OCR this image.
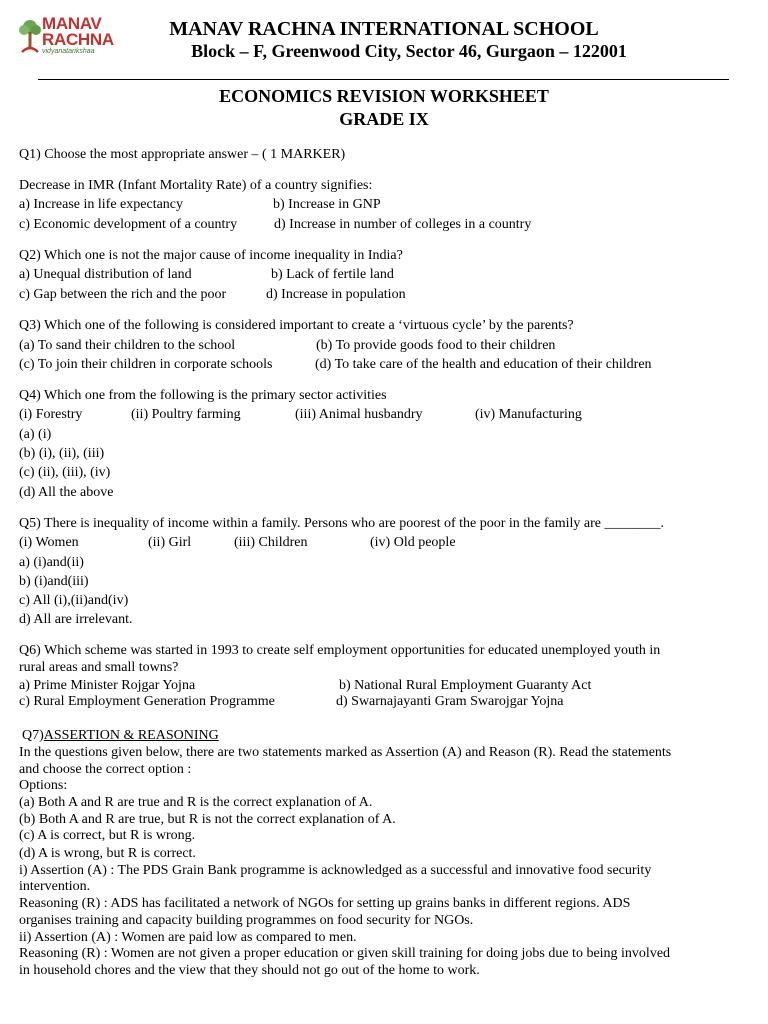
MANAV
RACHNA
vidyanatarikshaa
MANAV RACHNA INTERNATIONAL SCHOOL
Block – F, Greenwood City, Sector 46, Gurgaon – 122001
ECONOMICS REVISION WORKSHEET
GRADE IX
Q1) Choose the most appropriate answer – ( 1 MARKER)
Decrease in IMR (Infant Mortality Rate) of a country signifies:
a) Increase in life expectancy	b) Increase in GNP
c) Economic development of a country	d) Increase in number of colleges in a country
Q2) Which one is not the major cause of income inequality in India?
a) Unequal distribution of land	b) Lack of fertile land
c) Gap between the rich and the poor	d) Increase in population
Q3) Which one of the following is considered important to create a ‘virtuous cycle’ by the parents?
(a) To sand their children to the school	(b) To provide goods food to their children
(c) To join their children in corporate schools	(d) To take care of the health and education of their children
Q4) Which one from the following is the primary sector activities
(i) Forestry	(ii) Poultry farming	(iii) Animal husbandry	(iv) Manufacturing
(a) (i)
(b) (i), (ii), (iii)
(c) (ii), (iii), (iv)
(d) All the above
Q5) There is inequality of income within a family. Persons who are poorest of the poor in the family are ________.
(i) Women	(ii) Girl	(iii) Children	(iv) Old people
a) (i)and(ii)
b) (i)and(iii)
c) All (i),(ii)and(iv)
d) All are irrelevant.
Q6) Which scheme was started in 1993 to create self employment opportunities for educated unemployed youth in
rural areas and small towns?
a) Prime Minister Rojgar Yojna	b) National Rural Employment Guaranty Act
c) Rural Employment Generation Programme	d) Swarnajayanti Gram Swarojgar Yojna
Q7)ASSERTION & REASONING
In the questions given below, there are two statements marked as Assertion (A) and Reason (R). Read the statements
and choose the correct option :
Options:
(a) Both A and R are true and R is the correct explanation of A.
(b) Both A and R are true, but R is not the correct explanation of A.
(c) A is correct, but R is wrong.
(d) A is wrong, but R is correct.
i) Assertion (A) : The PDS Grain Bank programme is acknowledged as a successful and innovative food security
intervention.
Reasoning (R) : ADS has facilitated a network of NGOs for setting up grains banks in different regions. ADS
organises training and capacity building programmes on food security for NGOs.
ii) Assertion (A) : Women are paid low as compared to men.
Reasoning (R) : Women are not given a proper education or given skill training for doing jobs due to being involved
in household chores and the view that they should not go out of the home to work.
